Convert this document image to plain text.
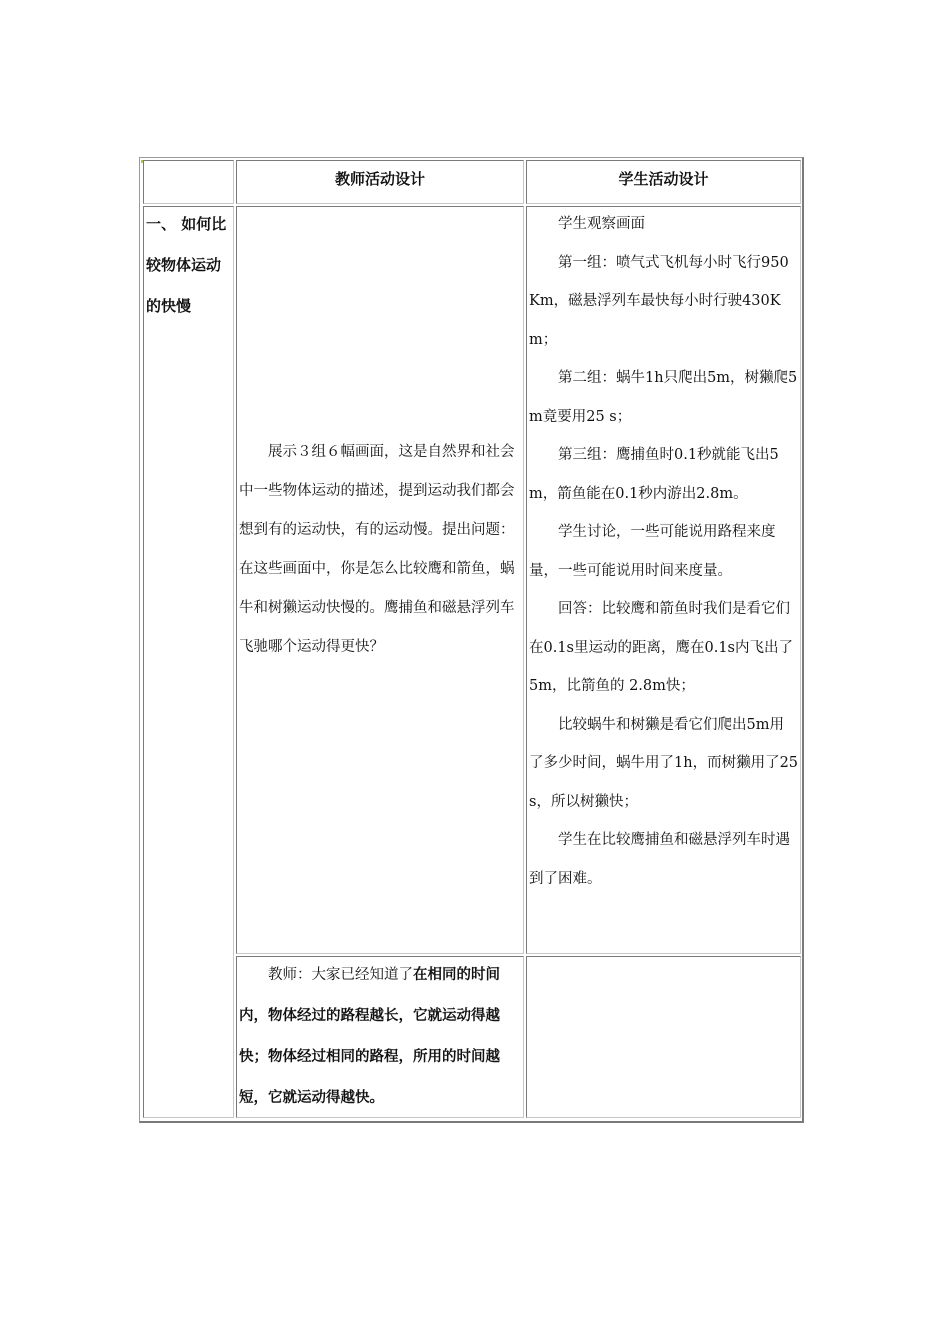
教师活动设计	学生活动设计
一、 如何比较物体运动的快慢

展示３组６幅画面，这是自然界和社会中一些物体运动的描述，提到运动我们都会想到有的运动快，有的运动慢。提出问题：在这些画面中，你是怎么比较鹰和箭鱼，蜗牛和树獭运动快慢的。鹰捕鱼和磁悬浮列车飞驰哪个运动得更快？

学生观察画面

第一组：喷气式飞机每小时飞行950Km，磁悬浮列车最快每小时行驶430Km；

第二组：蜗牛1h只爬出5m，树獭爬5m竟要用25 s；

第三组：鹰捕鱼时0.1秒就能飞出5m，箭鱼能在0.1秒内游出2.8m。

学生讨论，一些可能说用路程来度量，一些可能说用时间来度量。

回答：比较鹰和箭鱼时我们是看它们在0.1s里运动的距离，鹰在0.1s内飞出了5m，比箭鱼的 2.8m快；

比较蜗牛和树獭是看它们爬出5m用了多少时间，蜗牛用了1h，而树獭用了25s，所以树獭快；

学生在比较鹰捕鱼和磁悬浮列车时遇到了困难。

教师：大家已经知道了在相同的时间内，物体经过的路程越长，它就运动得越快；物体经过相同的路程，所用的时间越短，它就运动得越快。
